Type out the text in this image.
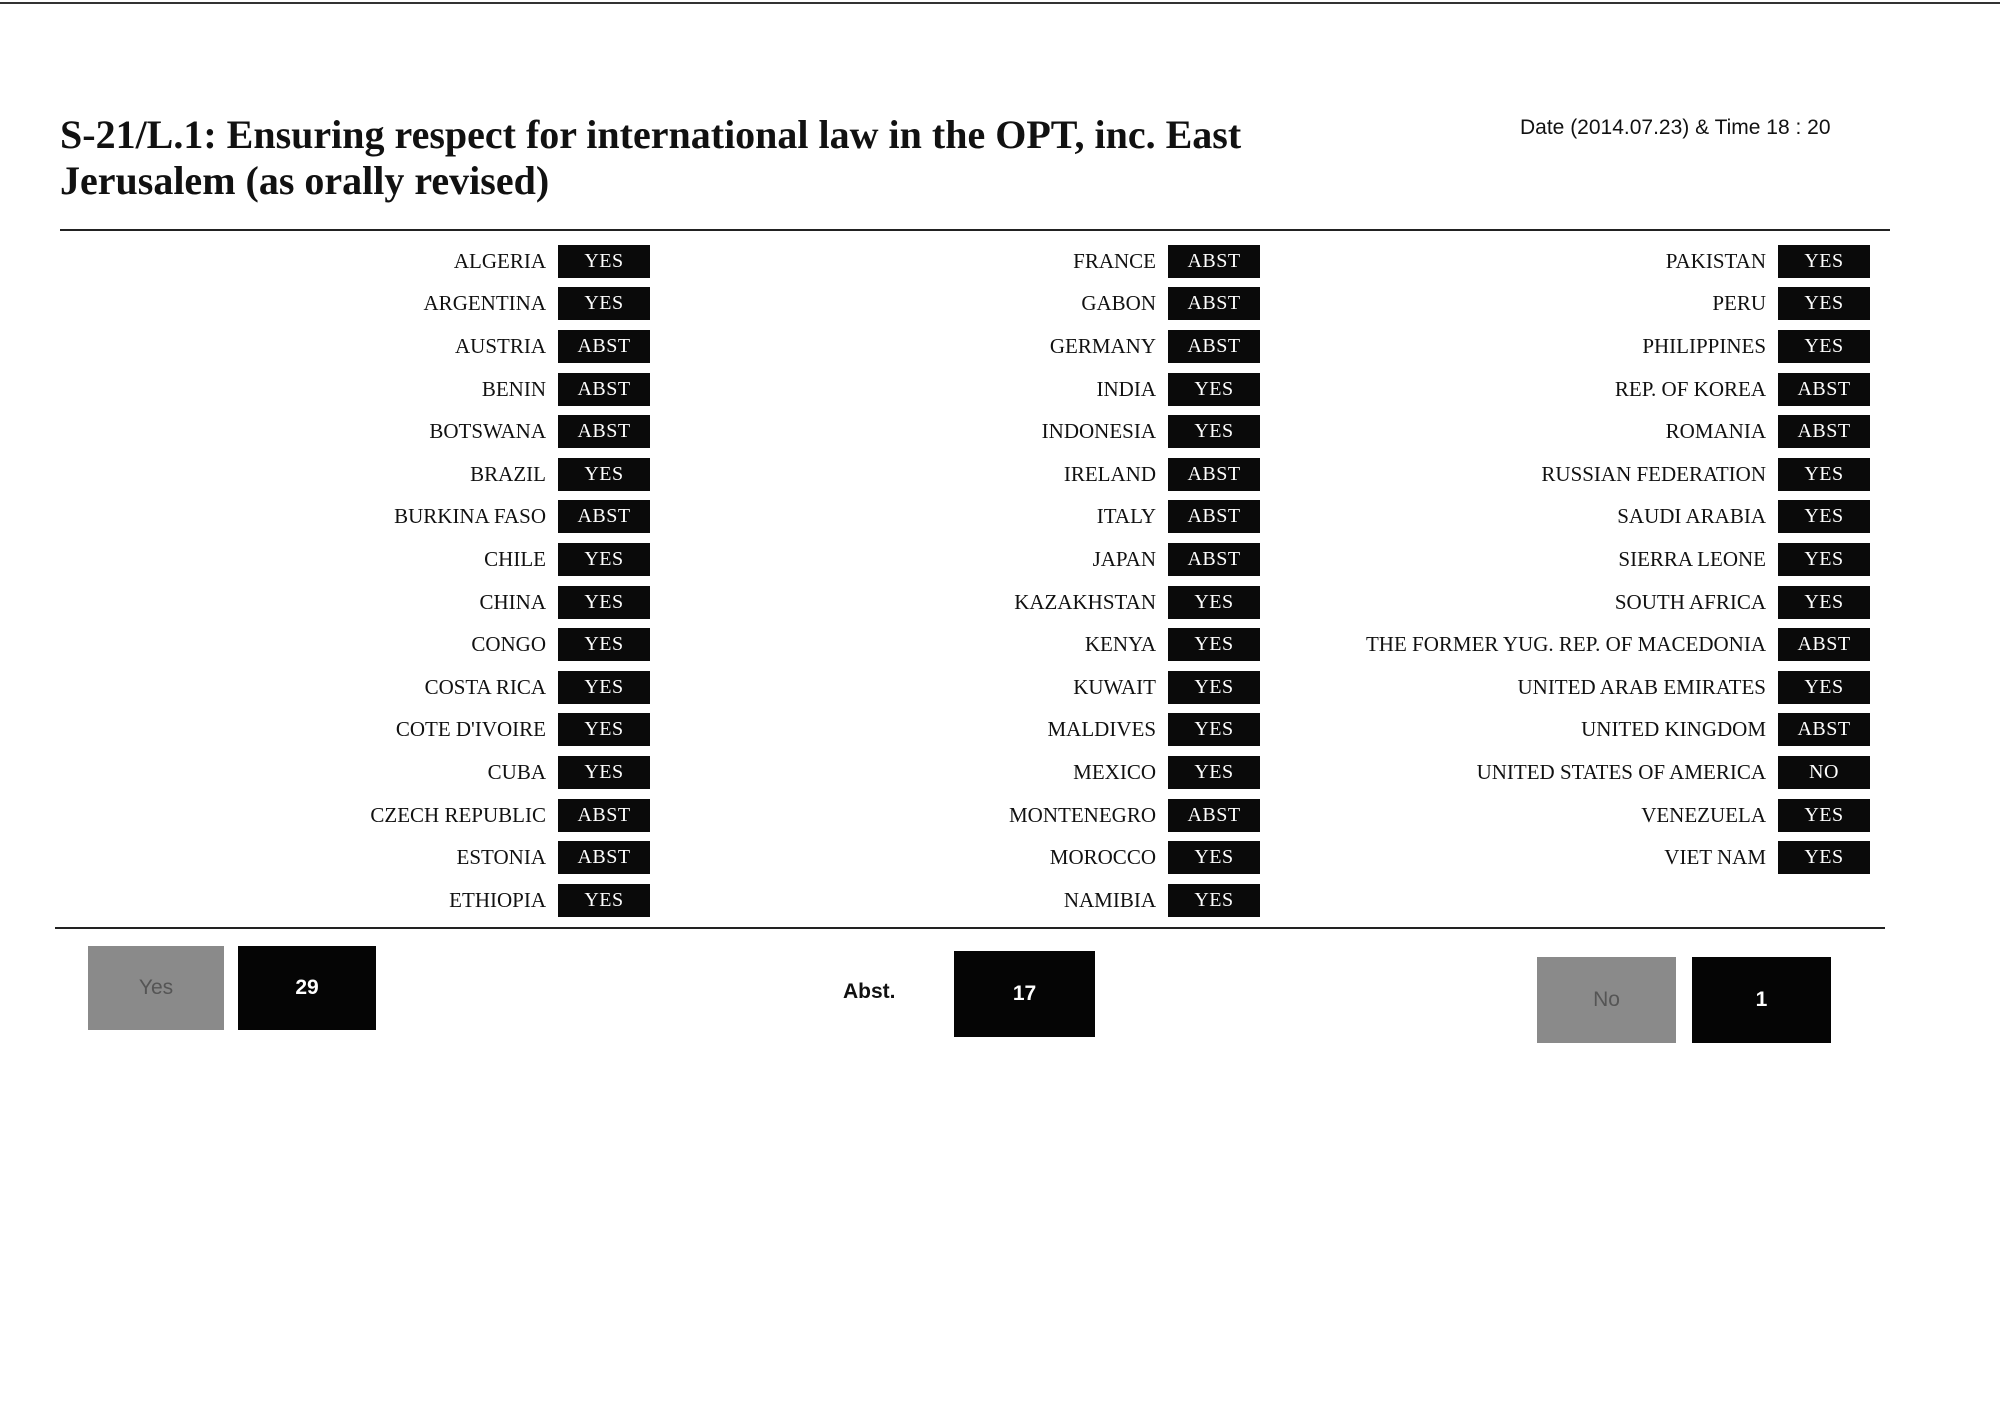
S-21/L.1: Ensuring respect for international law in the OPT, inc. East Jerusalem (as orally revised)
Date (2014.07.23) & Time 18 : 20
ALGERIA	YES
ARGENTINA	YES
AUSTRIA	ABST
BENIN	ABST
BOTSWANA	ABST
BRAZIL	YES
BURKINA FASO	ABST
CHILE	YES
CHINA	YES
CONGO	YES
COSTA RICA	YES
COTE D'IVOIRE	YES
CUBA	YES
CZECH REPUBLIC	ABST
ESTONIA	ABST
ETHIOPIA	YES
FRANCE	ABST
GABON	ABST
GERMANY	ABST
INDIA	YES
INDONESIA	YES
IRELAND	ABST
ITALY	ABST
JAPAN	ABST
KAZAKHSTAN	YES
KENYA	YES
KUWAIT	YES
MALDIVES	YES
MEXICO	YES
MONTENEGRO	ABST
MOROCCO	YES
NAMIBIA	YES
PAKISTAN	YES
PERU	YES
PHILIPPINES	YES
REP. OF KOREA	ABST
ROMANIA	ABST
RUSSIAN FEDERATION	YES
SAUDI ARABIA	YES
SIERRA LEONE	YES
SOUTH AFRICA	YES
THE FORMER YUG. REP. OF MACEDONIA	ABST
UNITED ARAB EMIRATES	YES
UNITED KINGDOM	ABST
UNITED STATES OF AMERICA	NO
VENEZUELA	YES
VIET NAM	YES
Yes	29	Abst.	17	No	1
